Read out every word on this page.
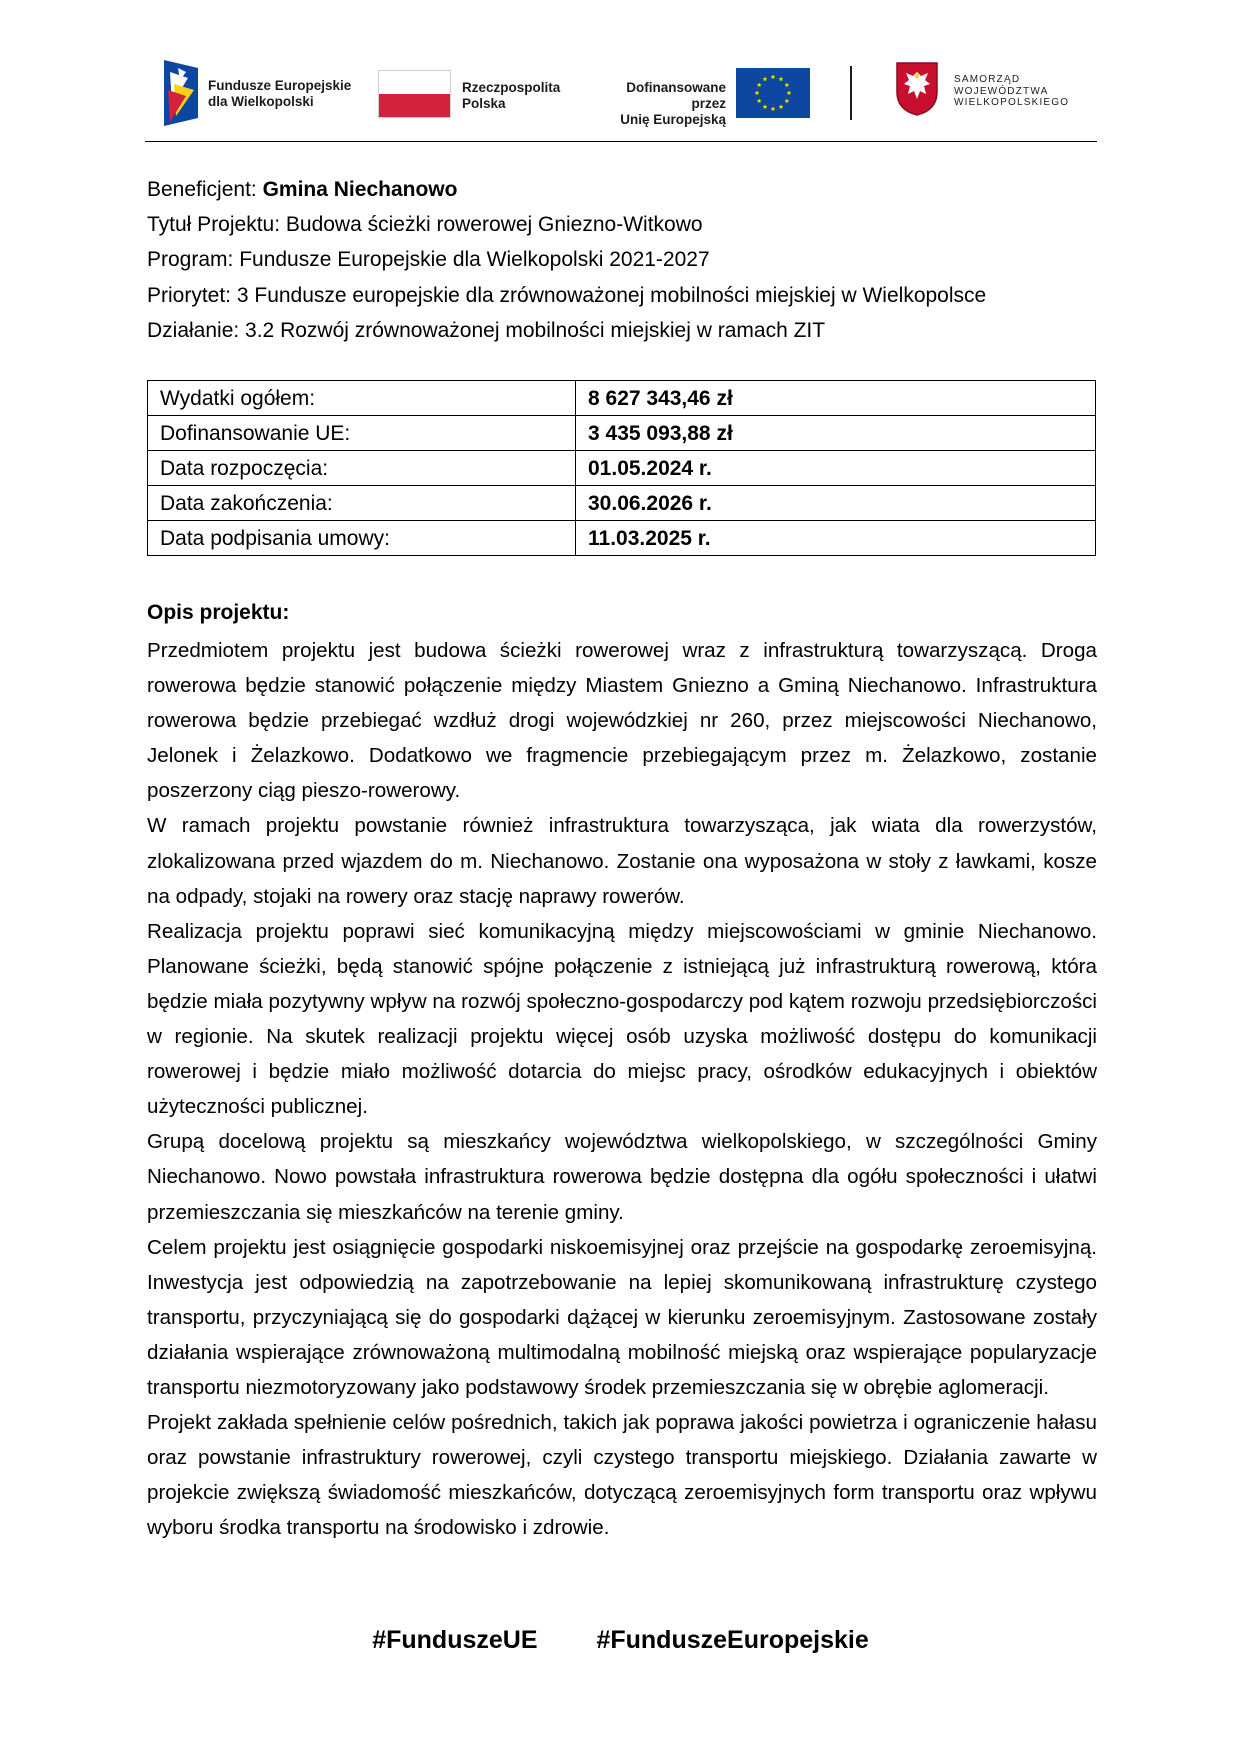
Fundusze Europejskie
dla Wielkopolski
Rzeczpospolita
Polska
Dofinansowane przez
Unię Europejską
SAMORZĄD
WOJEWÓDZTWA
WIELKOPOLSKIEGO
Beneficjent: Gmina Niechanowo
Tytuł Projektu: Budowa ścieżki rowerowej Gniezno-Witkowo
Program: Fundusze Europejskie dla Wielkopolski 2021-2027
Priorytet: 3 Fundusze europejskie dla zrównoważonej mobilności miejskiej w Wielkopolsce
Działanie: 3.2 Rozwój zrównoważonej mobilności miejskiej w ramach ZIT
Wydatki ogółem:	8 627 343,46 zł
Dofinansowanie UE:	3 435 093,88 zł
Data rozpoczęcia:	01.05.2024 r.
Data zakończenia:	30.06.2026 r.
Data podpisania umowy:	11.03.2025 r.
Opis projektu:

Przedmiotem projektu jest budowa ścieżki rowerowej wraz z infrastrukturą towarzyszącą. Droga rowerowa będzie stanowić połączenie między Miastem Gniezno a Gminą Niechanowo. Infrastruktura rowerowa będzie przebiegać wzdłuż drogi wojewódzkiej nr 260, przez miejscowości Niechanowo, Jelonek i Żelazkowo. Dodatkowo we fragmencie przebiegającym przez m. Żelazkowo, zostanie poszerzony ciąg pieszo-rowerowy.

W ramach projektu powstanie również infrastruktura towarzysząca, jak wiata dla rowerzystów, zlokalizowana przed wjazdem do m. Niechanowo. Zostanie ona wyposażona w stoły z ławkami, kosze na odpady, stojaki na rowery oraz stację naprawy rowerów.

Realizacja projektu poprawi sieć komunikacyjną między miejscowościami w gminie Niechanowo. Planowane ścieżki, będą stanowić spójne połączenie z istniejącą już infrastrukturą rowerową, która będzie miała pozytywny wpływ na rozwój społeczno-gospodarczy pod kątem rozwoju przedsiębiorczości w regionie. Na skutek realizacji projektu więcej osób uzyska możliwość dostępu do komunikacji rowerowej i będzie miało możliwość dotarcia do miejsc pracy, ośrodków edukacyjnych i obiektów użyteczności publicznej.

Grupą docelową projektu są mieszkańcy województwa wielkopolskiego, w szczególności Gminy Niechanowo. Nowo powstała infrastruktura rowerowa będzie dostępna dla ogółu społeczności i ułatwi przemieszczania się mieszkańców na terenie gminy.

Celem projektu jest osiągnięcie gospodarki niskoemisyjnej oraz przejście na gospodarkę zeroemisyjną. Inwestycja jest odpowiedzią na zapotrzebowanie na lepiej skomunikowaną infrastrukturę czystego transportu, przyczyniającą się do gospodarki dążącej w kierunku zeroemisyjnym. Zastosowane zostały działania wspierające zrównoważoną multimodalną mobilność miejską oraz wspierające popularyzacje transportu niezmotoryzowany jako podstawowy środek przemieszczania się w obrębie aglomeracji.

Projekt zakłada spełnienie celów pośrednich, takich jak poprawa jakości powietrza i ograniczenie hałasu oraz powstanie infrastruktury rowerowej, czyli czystego transportu miejskiego. Działania zawarte w projekcie zwiększą świadomość mieszkańców, dotyczącą zeroemisyjnych form transportu oraz wpływu wyboru środka transportu na środowisko i zdrowie.

#FunduszeUE #FunduszeEuropejskie
